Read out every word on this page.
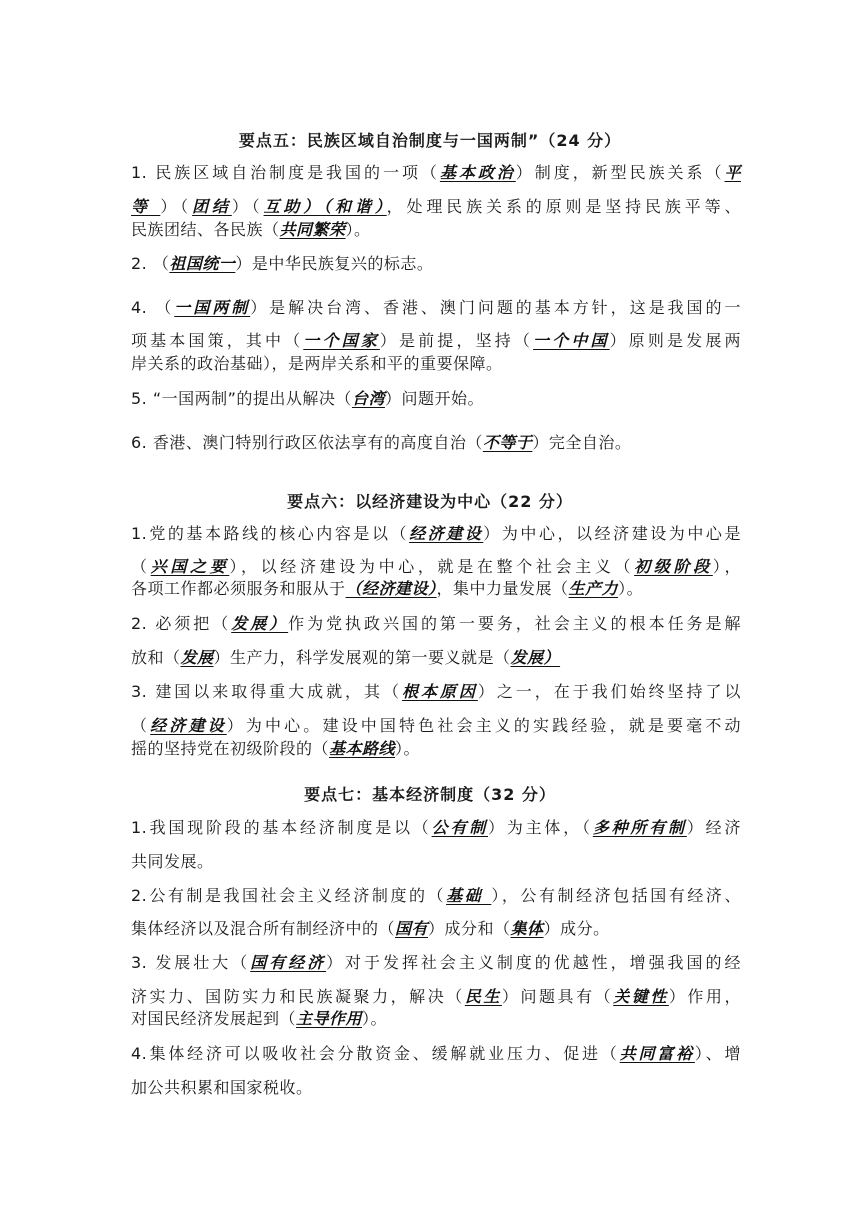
要点五：民族区域自治制度与一国两制”（24 分）
1. 民族区域自治制度是我国的一项（基本政治）制度，新型民族关系（平
等 ）（团结）（互助）（和谐），处理民族关系的原则是坚持民族平等、
民族团结、各民族（共同繁荣）。
2. （祖国统一）是中华民族复兴的标志。
4. （一国两制）是解决台湾、香港、澳门问题的基本方针，这是我国的一
项基本国策，其中（一个国家）是前提，坚持（一个中国）原则是发展两
岸关系的政治基础），是两岸关系和平的重要保障。
5. “一国两制”的提出从解决（台湾）问题开始。
6. 香港、澳门特别行政区依法享有的高度自治（不等于）完全自治。
要点六：以经济建设为中心（22 分）
1.党的基本路线的核心内容是以（经济建设）为中心，以经济建设为中心是
（兴国之要），以经济建设为中心，就是在整个社会主义（初级阶段），
各项工作都必须服务和服从于（经济建设），集中力量发展（生产力）。
2. 必须把（发展）作为党执政兴国的第一要务，社会主义的根本任务是解
放和（发展）生产力，科学发展观的第一要义就是（发展）
3. 建国以来取得重大成就，其（根本原因）之一，在于我们始终坚持了以
（经济建设）为中心。建设中国特色社会主义的实践经验，就是要毫不动
摇的坚持党在初级阶段的（基本路线）。
要点七：基本经济制度（32 分）
1.我国现阶段的基本经济制度是以（公有制）为主体，（多种所有制）经济
共同发展。
2.公有制是我国社会主义经济制度的（基础 ），公有制经济包括国有经济、
集体经济以及混合所有制经济中的（国有）成分和（集体）成分。
3. 发展壮大（国有经济）对于发挥社会主义制度的优越性，增强我国的经
济实力、国防实力和民族凝聚力，解决（民生）问题具有（关键性）作用，
对国民经济发展起到（主导作用）。
4.集体经济可以吸收社会分散资金、缓解就业压力、促进（共同富裕）、增
加公共积累和国家税收。
